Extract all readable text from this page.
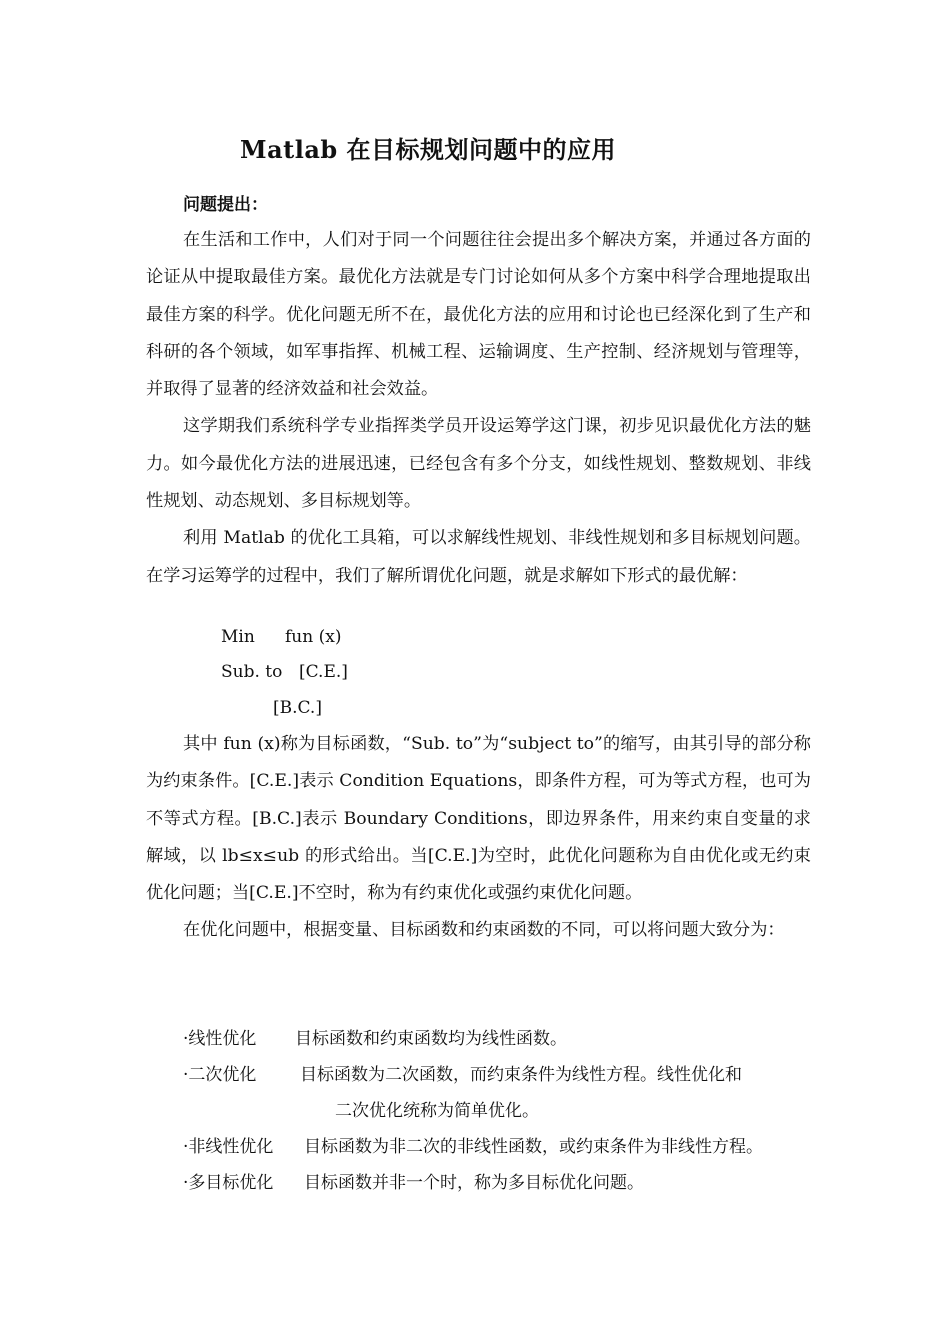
Matlab 在目标规划问题中的应用
问题提出：

在生活和工作中，人们对于同一个问题往往会提出多个解决方案，并通过各方面的论证从中提取最佳方案。最优化方法就是专门讨论如何从多个方案中科学合理地提取出最佳方案的科学。优化问题无所不在，最优化方法的应用和讨论也已经深化到了生产和科研的各个领域，如军事指挥、机械工程、运输调度、生产控制、经济规划与管理等，并取得了显著的经济效益和社会效益。

这学期我们系统科学专业指挥类学员开设运筹学这门课，初步见识最优化方法的魅力。如今最优化方法的进展迅速，已经包含有多个分支，如线性规划、整数规划、非线性规划、动态规划、多目标规划等。

利用 Matlab 的优化工具箱，可以求解线性规划、非线性规划和多目标规划问题。在学习运筹学的过程中，我们了解所谓优化问题，就是求解如下形式的最优解：

Min fun (x)
Sub. to [C.E.]
[B.C.]

其中 fun (x)称为目标函数，“Sub. to”为“subject to”的缩写，由其引导的部分称为约束条件。[C.E.]表示 Condition Equations，即条件方程，可为等式方程，也可为不等式方程。[B.C.]表示 Boundary Conditions，即边界条件，用来约束自变量的求解域，以 lb≤x≤ub 的形式给出。当[C.E.]为空时，此优化问题称为自由优化或无约束优化问题；当[C.E.]不空时，称为有约束优化或强约束优化问题。

在优化问题中，根据变量、目标函数和约束函数的不同，可以将问题大致分为：

·线性优化 目标函数和约束函数均为线性函数。
·二次优化	目标函数为二次函数，而约束条件为线性方程。线性优化和
二次优化统称为简单优化。
·非线性优化 目标函数为非二次的非线性函数，或约束条件为非线性方程。
·多目标优化 目标函数并非一个时，称为多目标优化问题。
